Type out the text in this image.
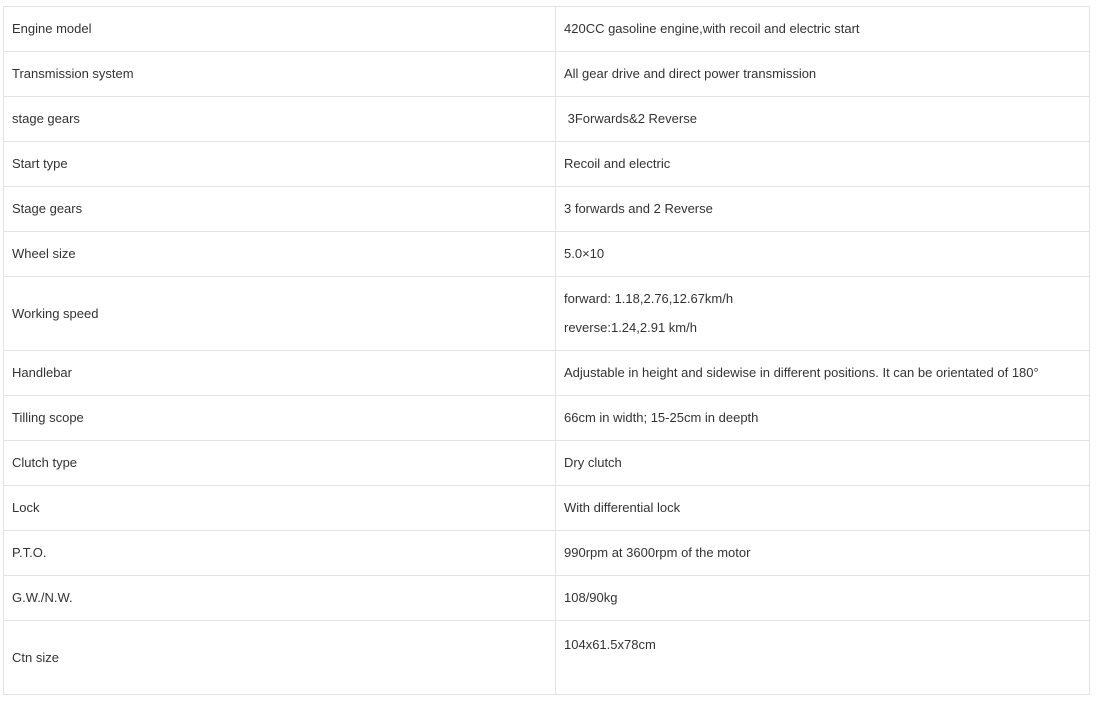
Engine model	420CC gasoline engine,with recoil and electric start
Transmission system	All gear drive and direct power transmission
stage gears	3Forwards&2 Reverse
Start type	Recoil and electric
Stage gears	3 forwards and 2 Reverse
Wheel size	5.0×10
Working speed	forward: 1.18,2.76,12.67km/h
reverse:1.24,2.91 km/h

Handlebar	Adjustable in height and sidewise in different positions. It can be orientated of 180°
Tilling scope	66cm in width; 15-25cm in deepth
Clutch type	Dry clutch
Lock	With differential lock
P.T.O.	990rpm at 3600rpm of the motor
G.W./N.W.	108/90kg
Ctn size	104x61.5x78cm
